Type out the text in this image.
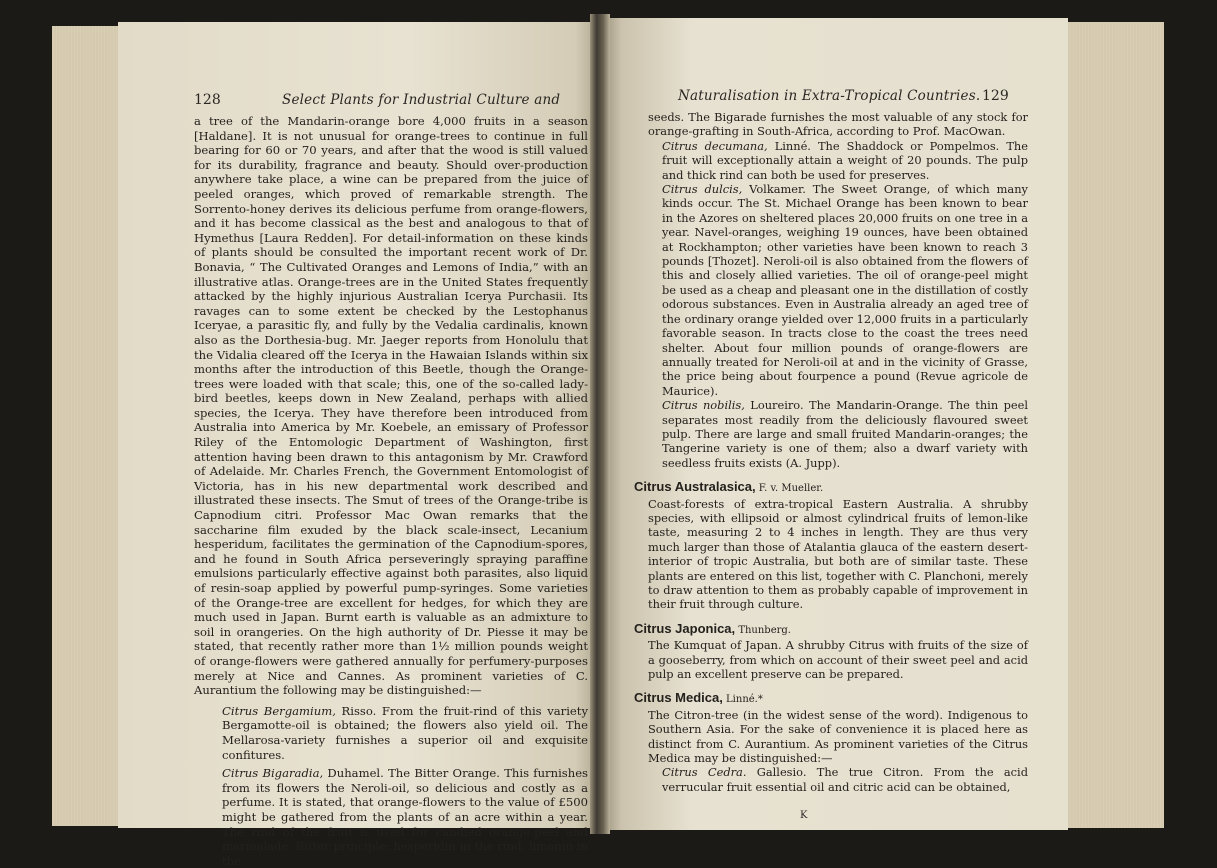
128	Select Plants for Industrial Culture and

a tree of the Mandarin-orange bore 4,000 fruits in a season [Haldane]. It is not unusual for orange-trees to continue in full bearing for 60 or 70 years, and after that the wood is still valued for its durability, fragrance and beauty. Should over-production anywhere take place, a wine can be prepared from the juice of peeled oranges, which proved of remarkable strength. The Sorrento-honey derives its delicious perfume from orange-flowers, and it has become classical as the best and analogous to that of Hymethus [Laura Redden]. For detail-information on these kinds of plants should be consulted the important recent work of Dr. Bonavia, “ The Cultivated Oranges and Lemons of India,” with an illustrative atlas. Orange-trees are in the United States frequently attacked by the highly injurious Australian Icerya Purchasii. Its ravages can to some extent be checked by the Lestophanus Iceryae, a parasitic fly, and fully by the Vedalia cardinalis, known also as the Dorthesia-bug. Mr. Jaeger reports from Honolulu that the Vidalia cleared off the Icerya in the Hawaian Islands within six months after the introduction of this Beetle, though the Orange-trees were loaded with that scale; this, one of the so-called lady-bird beetles, keeps down in New Zealand, perhaps with allied species, the Icerya. They have therefore been introduced from Australia into America by Mr. Koebele, an emissary of Professor Riley of the Entomologic Department of Washington, first attention having been drawn to this antagonism by Mr. Crawford of Adelaide. Mr. Charles French, the Government Entomologist of Victoria, has in his new departmental work described and illustrated these insects. The Smut of trees of the Orange-tribe is Capnodium citri. Professor Mac Owan remarks that the saccharine film exuded by the black scale-insect, Lecanium hesperidum, facilitates the germination of the Capnodium-spores, and he found in South Africa perseveringly spraying paraffine emulsions particularly effective against both parasites, also liquid of resin-soap applied by powerful pump-syringes. Some varieties of the Orange-tree are excellent for hedges, for which they are much used in Japan. Burnt earth is valuable as an admixture to soil in orangeries. On the high authority of Dr. Piesse it may be stated, that recently rather more than 1½ million pounds weight of orange-flowers were gathered annually for perfumery-purposes merely at Nice and Cannes. As prominent varieties of C. Aurantium the following may be distinguished:—

Citrus Bergamium, Risso. From the fruit-rind of this variety Bergamotte-oil is obtained; the flowers also yield oil. The Mellarosa-variety furnishes a superior oil and exquisite confitures.

Citrus Bigaradia, Duhamel. The Bitter Orange. This furnishes from its flowers the Neroli-oil, so delicious and costly as a perfume. It is stated, that orange-flowers to the value of £500 might be gathered from the plants of an acre within a year. The rind of the fruit is used for candied orange-peel and marmalade. Bitter principle: hesperidin in the rind, limonin in the

Naturalisation in Extra-Tropical Countries. 129

seeds. The Bigarade furnishes the most valuable of any stock for orange-grafting in South-Africa, according to Prof. MacOwan.

Citrus decumana, Linné. The Shaddock or Pompelmos. The fruit will exceptionally attain a weight of 20 pounds. The pulp and thick rind can both be used for preserves.

Citrus dulcis, Volkamer. The Sweet Orange, of which many kinds occur. The St. Michael Orange has been known to bear in the Azores on sheltered places 20,000 fruits on one tree in a year. Navel-oranges, weighing 19 ounces, have been obtained at Rockhampton; other varieties have been known to reach 3 pounds [Thozet]. Neroli-oil is also obtained from the flowers of this and closely allied varieties. The oil of orange-peel might be used as a cheap and pleasant one in the distillation of costly odorous substances. Even in Australia already an aged tree of the ordinary orange yielded over 12,000 fruits in a particularly favorable season. In tracts close to the coast the trees need shelter. About four million pounds of orange-flowers are annually treated for Neroli-oil at and in the vicinity of Grasse, the price being about fourpence a pound (Revue agricole de Maurice).

Citrus nobilis, Loureiro. The Mandarin-Orange. The thin peel separates most readily from the deliciously flavoured sweet pulp. There are large and small fruited Mandarin-oranges; the Tangerine variety is one of them; also a dwarf variety with seedless fruits exists (A. Jupp).

Citrus Australasica, F. v. Mueller.

Coast-forests of extra-tropical Eastern Australia. A shrubby species, with ellipsoid or almost cylindrical fruits of lemon-like taste, measuring 2 to 4 inches in length. They are thus very much larger than those of Atalantia glauca of the eastern desert-interior of tropic Australia, but both are of similar taste. These plants are entered on this list, together with C. Planchoni, merely to draw attention to them as probably capable of improvement in their fruit through culture.

Citrus Japonica, Thunberg.

The Kumquat of Japan. A shrubby Citrus with fruits of the size of a gooseberry, from which on account of their sweet peel and acid pulp an excellent preserve can be prepared.

Citrus Medica, Linné.*

The Citron-tree (in the widest sense of the word). Indigenous to Southern Asia. For the sake of convenience it is placed here as distinct from C. Aurantium. As prominent varieties of the Citrus Medica may be distinguished:—

Citrus Cedra. Gallesio. The true Citron. From the acid verrucular fruit essential oil and citric acid can be obtained,

K
